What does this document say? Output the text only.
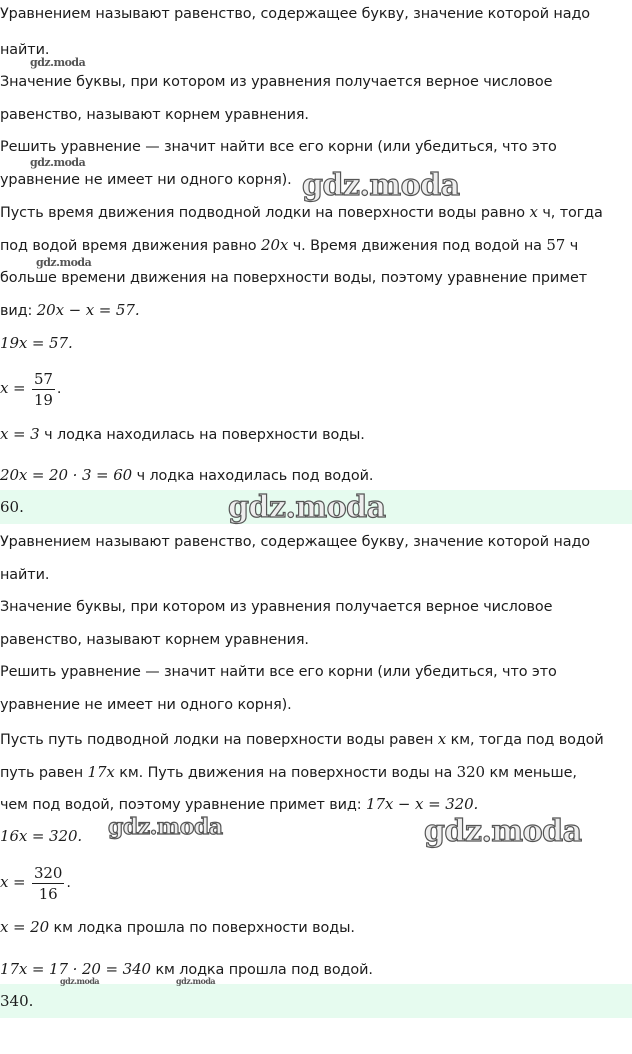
Уравнением называют равенство, содержащее букву, значение которой надо
найти.
Значение буквы, при котором из уравнения получается верное числовое
равенство, называют корнем уравнения.
Решить уравнение — значит найти все его корни (или убедиться, что это
уравнение не имеет ни одного корня).
Пусть время движения подводной лодки на поверхности воды равно x ч, тогда
под водой время движения равно 20x ч. Время движения под водой на 57 ч
больше времени движения на поверхности воды, поэтому уравнение примет
вид: 20x − x = 57.
19x = 57.
$x = \frac{57}{19}$ .
x = 3 ч лодка находилась на поверхности воды.
20x = 20 · 3 = 60 ч лодка находилась под водой.
60.
Уравнением называют равенство, содержащее букву, значение которой надо
найти.
Значение буквы, при котором из уравнения получается верное числовое
равенство, называют корнем уравнения.
Решить уравнение — значит найти все его корни (или убедиться, что это
уравнение не имеет ни одного корня).
Пусть путь подводной лодки на поверхности воды равен x км, тогда под водой
путь равен 17x км. Путь движения на поверхности воды на 320 км меньше,
чем под водой, поэтому уравнение примет вид: 17x − x = 320.
16x = 320.
$x = \frac{320}{16}$ .
x = 20 км лодка прошла по поверхности воды.
17x = 17 · 20 = 340 км лодка прошла под водой.
340.
gdz.moda
gdz.moda
gdz.moda
gdz.moda
gdz.moda
gdz.moda	gdz.moda
gdz.moda	gdz.moda
